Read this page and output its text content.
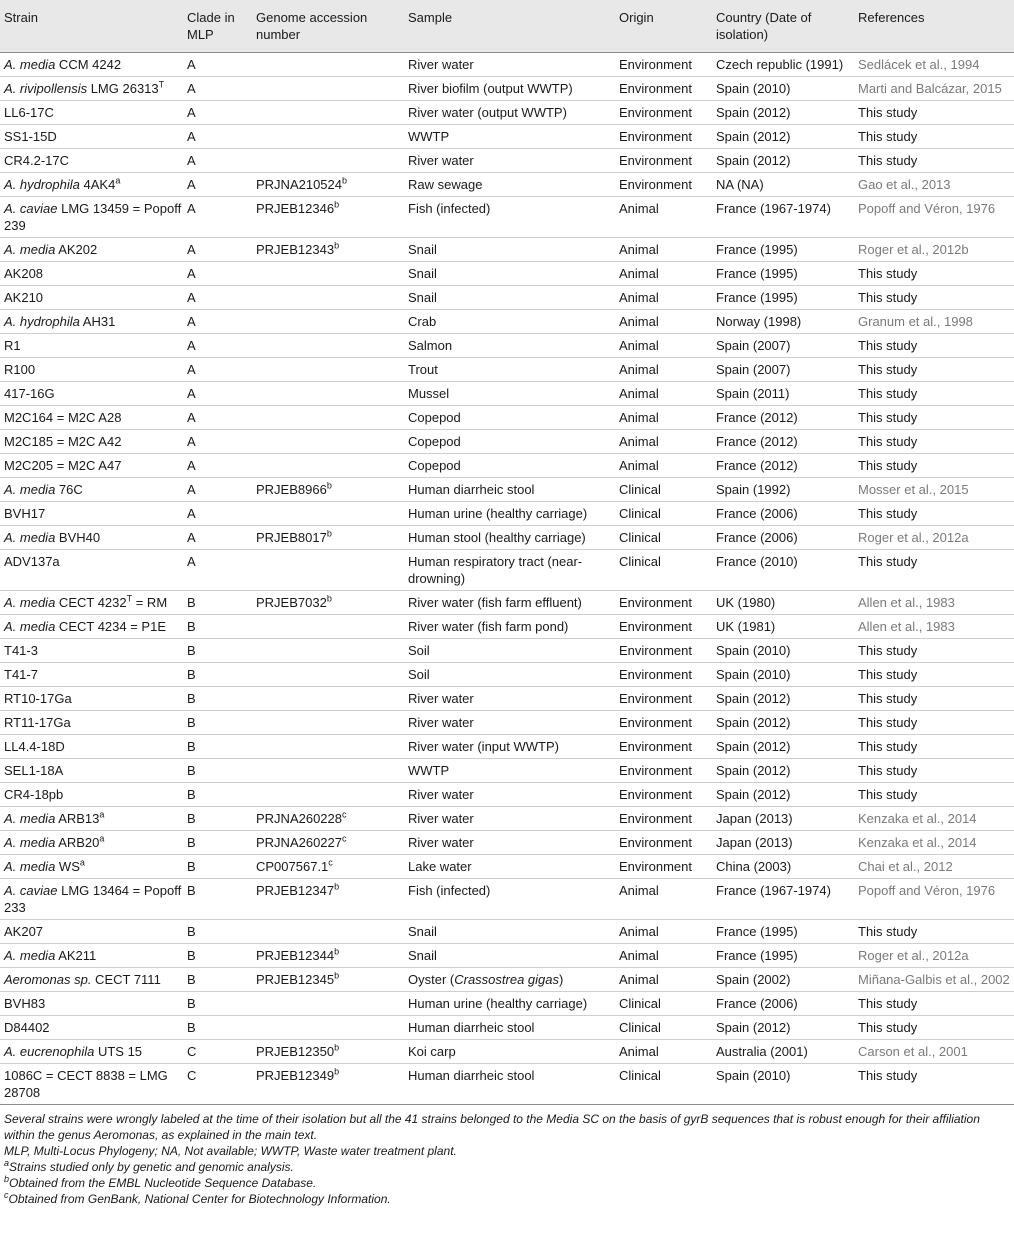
Strain	Clade in MLP	Genome accession number	Sample	Origin	Country (Date of isolation)	References
A. media CCM 4242	A		River water	Environment	Czech republic (1991)	Sedlácek et al., 1994
A. rivipollensis LMG $26313^T$	A		River biofilm (output WWTP)	Environment	Spain (2010)	Marti and Balcázar, 2015
LL6-17C	A		River water (output WWTP)	Environment	Spain (2012)	This study
SS1-15D	A		WWTP	Environment	Spain (2012)	This study
CR4.2-17C	A		River water	Environment	Spain (2012)	This study
A. hydrophila 4AK4$^a$	A	PRJNA210524$^b$	Raw sewage	Environment	NA (NA)	Gao et al., 2013
A. caviae LMG 13459 = Popoff 239	A	PRJEB12346$^b$	Fish (infected)	Animal	France (1967-1974)	Popoff and Véron, 1976
A. media AK202	A	PRJEB12343$^b$	Snail	Animal	France (1995)	Roger et al., 2012b
AK208	A		Snail	Animal	France (1995)	This study
AK210	A		Snail	Animal	France (1995)	This study
A. hydrophila AH31	A		Crab	Animal	Norway (1998)	Granum et al., 1998
R1	A		Salmon	Animal	Spain (2007)	This study
R100	A		Trout	Animal	Spain (2007)	This study
417-16G	A		Mussel	Animal	Spain (2011)	This study
M2C164 = M2C A28	A		Copepod	Animal	France (2012)	This study
M2C185 = M2C A42	A		Copepod	Animal	France (2012)	This study
M2C205 = M2C A47	A		Copepod	Animal	France (2012)	This study
A. media 76C	A	PRJEB8966$^b$	Human diarrheic stool	Clinical	Spain (1992)	Mosser et al., 2015
BVH17	A		Human urine (healthy carriage)	Clinical	France (2006)	This study
A. media BVH40	A	PRJEB8017$^b$	Human stool (healthy carriage)	Clinical	France (2006)	Roger et al., 2012a
ADV137a	A		Human respiratory tract (near-drowning)	Clinical	France (2010)	This study
A. media CECT $4232^T$ = RM	B	PRJEB7032$^b$	River water (fish farm effluent)	Environment	UK (1980)	Allen et al., 1983
A. media CECT 4234 = P1E	B		River water (fish farm pond)	Environment	UK (1981)	Allen et al., 1983
T41-3	B		Soil	Environment	Spain (2010)	This study
T41-7	B		Soil	Environment	Spain (2010)	This study
RT10-17Ga	B		River water	Environment	Spain (2012)	This study
RT11-17Ga	B		River water	Environment	Spain (2012)	This study
LL4.4-18D	B		River water (input WWTP)	Environment	Spain (2012)	This study
SEL1-18A	B		WWTP	Environment	Spain (2012)	This study
CR4-18pb	B		River water	Environment	Spain (2012)	This study
A. media ARB13$^a$	B	PRJNA260228$^c$	River water	Environment	Japan (2013)	Kenzaka et al., 2014
A. media ARB20$^a$	B	PRJNA260227$^c$	River water	Environment	Japan (2013)	Kenzaka et al., 2014
A. media $WS^a$	B	CP007567.1$^c$	Lake water	Environment	China (2003)	Chai et al., 2012
A. caviae LMG 13464 = Popoff 233	B	PRJEB12347$^b$	Fish (infected)	Animal	France (1967-1974)	Popoff and Véron, 1976
AK207	B		Snail	Animal	France (1995)	This study
A. media AK211	B	PRJEB12344$^b$	Snail	Animal	France (1995)	Roger et al., 2012a
Aeromonas sp. CECT 7111	B	PRJEB12345$^b$	Oyster (Crassostrea gigas)	Animal	Spain (2002)	Miñana-Galbis et al., 2002
BVH83	B		Human urine (healthy carriage)	Clinical	France (2006)	This study
D84402	B		Human diarrheic stool	Clinical	Spain (2012)	This study
A. eucrenophila UTS 15	C	PRJEB12350$^b$	Koi carp	Animal	Australia (2001)	Carson et al., 2001
1086C = CECT 8838 = LMG 28708	C	PRJEB12349$^b$	Human diarrheic stool	Clinical	Spain (2010)	This study

Several strains were wrongly labeled at the time of their isolation but all the 41 strains belonged to the Media SC on the basis of gyrB sequences that is robust enough for their affiliation within the genus Aeromonas, as explained in the main text.

MLP, Multi-Locus Phylogeny; NA, Not available; WWTP, Waste water treatment plant.

$^a$Strains studied only by genetic and genomic analysis.

$^b$Obtained from the EMBL Nucleotide Sequence Database.

$^c$Obtained from GenBank, National Center for Biotechnology Information.
